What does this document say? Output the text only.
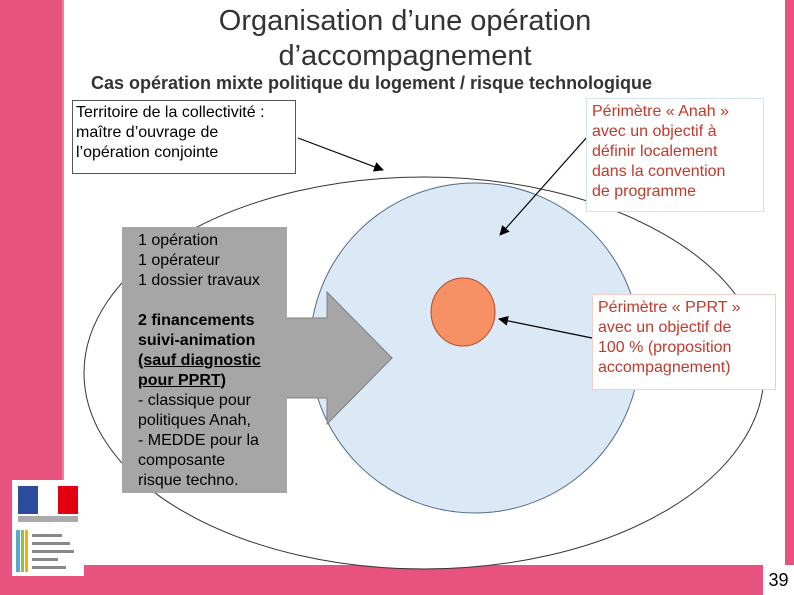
Organisation d’une opération d’accompagnement
Cas opération mixte politique du logement / risque technologique
Territoire de la collectivité :
maître d’ouvrage de
l’opération conjointe
Périmètre « Anah »
avec un objectif à
définir localement
dans la convention
de programme
Périmètre « PPRT »
avec un objectif de
100 % (proposition
accompagnement)
1 opération
1 opérateur
1 dossier travaux
2 financements
suivi-animation
(sauf diagnostic
pour PPRT)
- classique pour
politiques Anah,
- MEDDE pour la
composante
risque techno.
39
